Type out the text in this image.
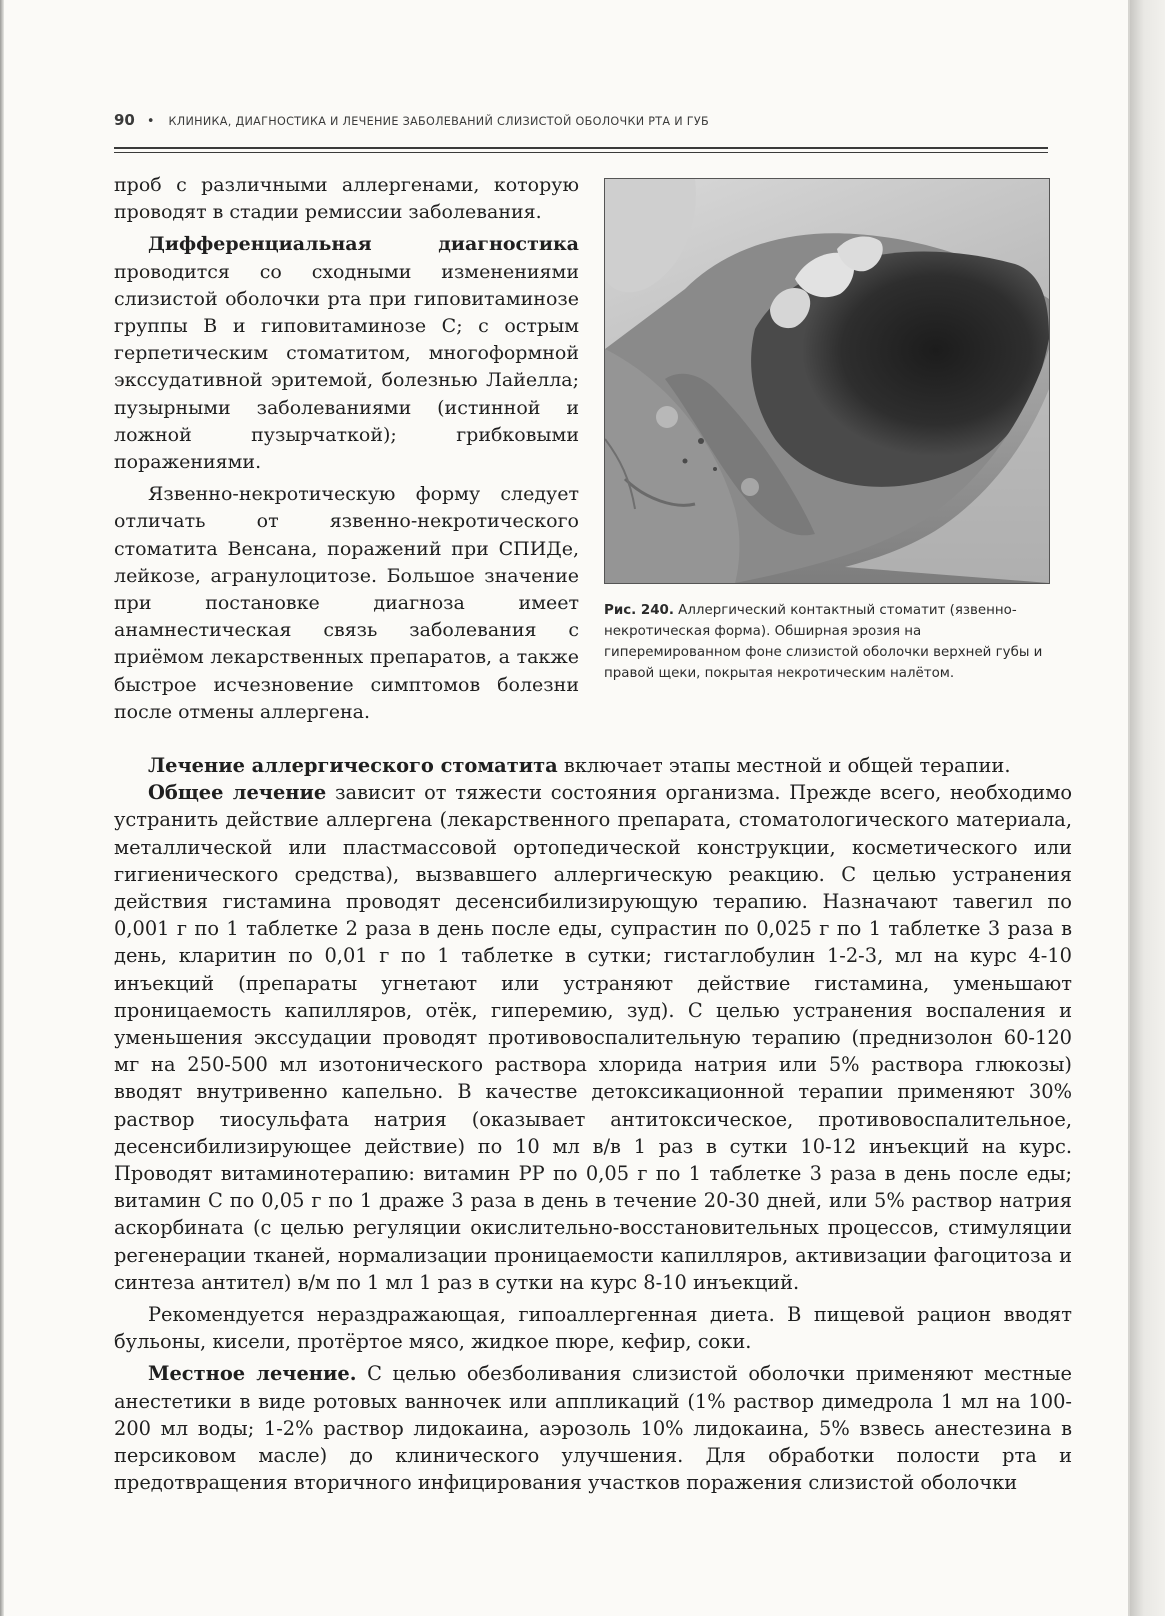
90 • КЛИНИКА, ДИАГНОСТИКА И ЛЕЧЕНИЕ ЗАБОЛЕВАНИЙ СЛИЗИСТОЙ ОБОЛОЧКИ РТА И ГУБ

проб с различными аллергенами, которую проводят в стадии ремиссии заболевания.

Дифференциальная диагностика проводится со сходными изменениями слизистой оболочки рта при гиповитаминозе группы B и гиповитаминозе C; с острым герпетическим стоматитом, многоформной экссудативной эритемой, болезнью Лайелла; пузырными заболеваниями (истинной и ложной пузырчаткой); грибковыми поражениями.

Язвенно-некротическую форму следует отличать от язвенно-некротического стоматита Венсана, поражений при СПИДе, лейкозе, агранулоцитозе. Большое значение при постановке диагноза имеет анамнестическая связь заболевания с приёмом лекарственных препаратов, а также быстрое исчезновение симптомов болезни после отмены аллергена.

Рис. 240. Аллергический контактный стоматит (язвенно-некротическая форма). Обширная эрозия на гиперемированном фоне слизистой оболочки верхней губы и правой щеки, покрытая некротическим налётом.

Лечение аллергического стоматита включает этапы местной и общей терапии.

Общее лечение зависит от тяжести состояния организма. Прежде всего, необходимо устранить действие аллергена (лекарственного препарата, стоматологического материала, металлической или пластмассовой ортопедической конструкции, косметического или гигиенического средства), вызвавшего аллергическую реакцию. С целью устранения действия гистамина проводят десенсибилизирующую терапию. Назначают тавегил по 0,001 г по 1 таблетке 2 раза в день после еды, супрастин по 0,025 г по 1 таблетке 3 раза в день, кларитин по 0,01 г по 1 таблетке в сутки; гистаглобулин 1-2-3, мл на курс 4-10 инъекций (препараты угнетают или устраняют действие гистамина, уменьшают проницаемость капилляров, отёк, гиперемию, зуд). С целью устранения воспаления и уменьшения экссудации проводят противовоспалительную терапию (преднизолон 60-120 мг на 250-500 мл изотонического раствора хлорида натрия или 5% раствора глюкозы) вводят внутривенно капельно. В качестве детоксикационной терапии применяют 30% раствор тиосульфата натрия (оказывает антитоксическое, противовоспалительное, десенсибилизирующее действие) по 10 мл в/в 1 раз в сутки 10-12 инъекций на курс. Проводят витаминотерапию: витамин PP по 0,05 г по 1 таблетке 3 раза в день после еды; витамин С по 0,05 г по 1 драже 3 раза в день в течение 20-30 дней, или 5% раствор натрия аскорбината (с целью регуляции окислительно-восстановительных процессов, стимуляции регенерации тканей, нормализации проницаемости капилляров, активизации фагоцитоза и синтеза антител) в/м по 1 мл 1 раз в сутки на курс 8-10 инъекций.

Рекомендуется нераздражающая, гипоаллергенная диета. В пищевой рацион вводят бульоны, кисели, протёртое мясо, жидкое пюре, кефир, соки.

Местное лечение. С целью обезболивания слизистой оболочки применяют местные анестетики в виде ротовых ванночек или аппликаций (1% раствор димедрола 1 мл на 100-200 мл воды; 1-2% раствор лидокаина, аэрозоль 10% лидокаина, 5% взвесь анестезина в персиковом масле) до клинического улучшения. Для обработки полости рта и предотвращения вторичного инфицирования участков поражения слизистой оболочки
